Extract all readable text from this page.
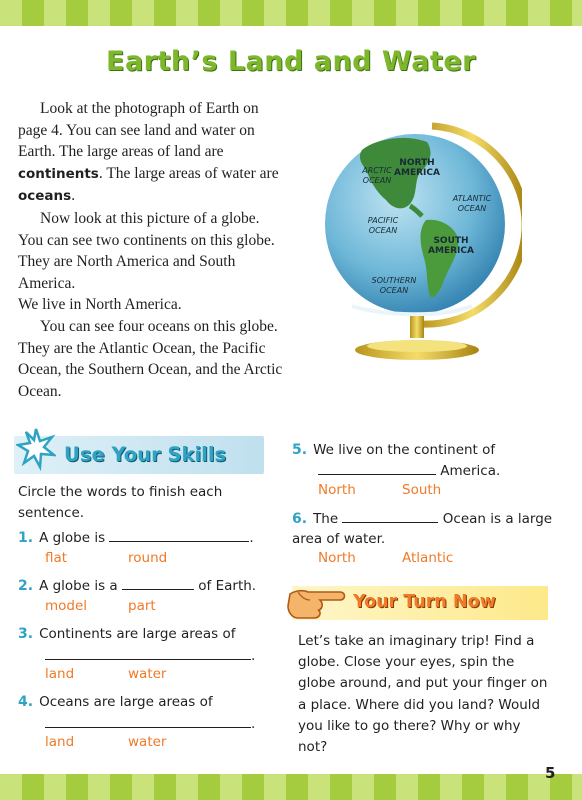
Earth’s Land and Water

Look at the photograph of Earth on page 4. You can see land and water on Earth. The large areas of land are continents. The large areas of water are oceans.

Now look at this picture of a globe. You can see two continents on this globe. They are North America and South America.

We live in North America.

You can see four oceans on this globe. They are the Atlantic Ocean, the Pacific Ocean, the Southern Ocean, and the Arctic Ocean.

ARCTIC
OCEAN
NORTH
AMERICA
ATLANTIC
OCEAN
PACIFIC
OCEAN
SOUTH
AMERICA
SOUTHERN
OCEAN
Use Your Skills
Circle the words to finish each sentence.
1. A globe is	.
flat	round
2. A globe is a	of Earth.
model	part
3. Continents are large areas of
.
land	water
4. Oceans are large areas of
.
land	water
5. We live on the continent of
America.
North	South
6. The	Ocean is a large area of water.
North	Atlantic
Your Turn Now
Let’s take an imaginary trip! Find a globe. Close your eyes, spin the globe around, and put your finger on a place. Where did you land? Would you like to go there? Why or why not?
5
